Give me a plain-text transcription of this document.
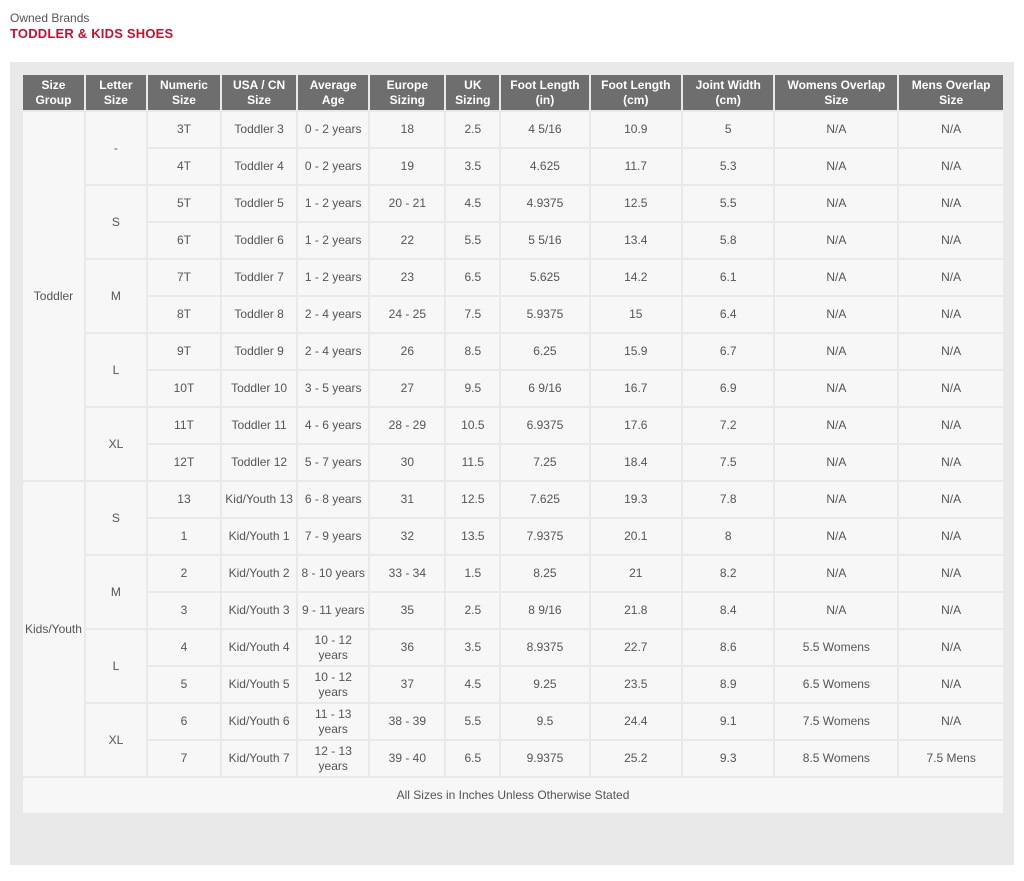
Owned Brands
TODDLER & KIDS SHOES
Size Group	Letter Size	Numeric Size	USA / CN Size	Average Age	Europe Sizing	UK Sizing	Foot Length (in)	Foot Length (cm)	Joint Width (cm)	Womens Overlap Size	Mens Overlap Size
Toddler	-	3T	Toddler 3	0 - 2 years	18	2.5	4 5/16	10.9	5	N/A	N/A
		4T	Toddler 4	0 - 2 years	19	3.5	4.625	11.7	5.3	N/A	N/A
	S	5T	Toddler 5	1 - 2 years	20 - 21	4.5	4.9375	12.5	5.5	N/A	N/A
		6T	Toddler 6	1 - 2 years	22	5.5	5 5/16	13.4	5.8	N/A	N/A
	M	7T	Toddler 7	1 - 2 years	23	6.5	5.625	14.2	6.1	N/A	N/A
		8T	Toddler 8	2 - 4 years	24 - 25	7.5	5.9375	15	6.4	N/A	N/A
	L	9T	Toddler 9	2 - 4 years	26	8.5	6.25	15.9	6.7	N/A	N/A
		10T	Toddler 10	3 - 5 years	27	9.5	6 9/16	16.7	6.9	N/A	N/A
	XL	11T	Toddler 11	4 - 6 years	28 - 29	10.5	6.9375	17.6	7.2	N/A	N/A
		12T	Toddler 12	5 - 7 years	30	11.5	7.25	18.4	7.5	N/A	N/A
Kids/Youth	S	13	Kid/Youth 13	6 - 8 years	31	12.5	7.625	19.3	7.8	N/A	N/A
		1	Kid/Youth 1	7 - 9 years	32	13.5	7.9375	20.1	8	N/A	N/A
	M	2	Kid/Youth 2	8 - 10 years	33 - 34	1.5	8.25	21	8.2	N/A	N/A
		3	Kid/Youth 3	9 - 11 years	35	2.5	8 9/16	21.8	8.4	N/A	N/A
	L	4	Kid/Youth 4	10 - 12 years	36	3.5	8.9375	22.7	8.6	5.5 Womens	N/A
		5	Kid/Youth 5	10 - 12 years	37	4.5	9.25	23.5	8.9	6.5 Womens	N/A
	XL	6	Kid/Youth 6	11 - 13 years	38 - 39	5.5	9.5	24.4	9.1	7.5 Womens	N/A
		7	Kid/Youth 7	12 - 13 years	39 - 40	6.5	9.9375	25.2	9.3	8.5 Womens	7.5 Mens
All Sizes in Inches Unless Otherwise Stated											
